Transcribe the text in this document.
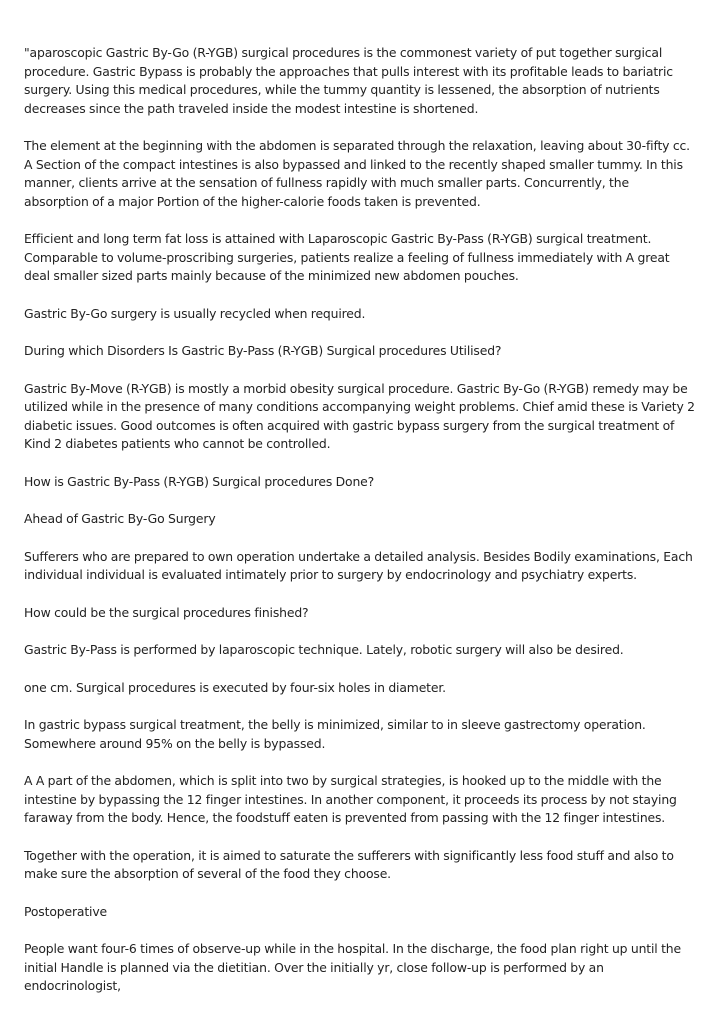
"aparoscopic Gastric By-Go (R-YGB) surgical procedures is the commonest variety of put together surgical procedure. Gastric Bypass is probably the approaches that pulls interest with its profitable leads to bariatric surgery. Using this medical procedures, while the tummy quantity is lessened, the absorption of nutrients decreases since the path traveled inside the modest intestine is shortened.

The element at the beginning with the abdomen is separated through the relaxation, leaving about 30-fifty cc. A Section of the compact intestines is also bypassed and linked to the recently shaped smaller tummy. In this manner, clients arrive at the sensation of fullness rapidly with much smaller parts. Concurrently, the absorption of a major Portion of the higher-calorie foods taken is prevented.

Efficient and long term fat loss is attained with Laparoscopic Gastric By-Pass (R-YGB) surgical treatment. Comparable to volume-proscribing surgeries, patients realize a feeling of fullness immediately with A great deal smaller sized parts mainly because of the minimized new abdomen pouches.

Gastric By-Go surgery is usually recycled when required.

During which Disorders Is Gastric By-Pass (R-YGB) Surgical procedures Utilised?

Gastric By-Move (R-YGB) is mostly a morbid obesity surgical procedure. Gastric By-Go (R-YGB) remedy may be utilized while in the presence of many conditions accompanying weight problems. Chief amid these is Variety 2 diabetic issues. Good outcomes is often acquired with gastric bypass surgery from the surgical treatment of Kind 2 diabetes patients who cannot be controlled.

How is Gastric By-Pass (R-YGB) Surgical procedures Done?

Ahead of Gastric By-Go Surgery

Sufferers who are prepared to own operation undertake a detailed analysis. Besides Bodily examinations, Each individual individual is evaluated intimately prior to surgery by endocrinology and psychiatry experts.

How could be the surgical procedures finished?

Gastric By-Pass is performed by laparoscopic technique. Lately, robotic surgery will also be desired.

one cm. Surgical procedures is executed by four-six holes in diameter.

In gastric bypass surgical treatment, the belly is minimized, similar to in sleeve gastrectomy operation. Somewhere around 95% on the belly is bypassed.

A A part of the abdomen, which is split into two by surgical strategies, is hooked up to the middle with the intestine by bypassing the 12 finger intestines. In another component, it proceeds its process by not staying faraway from the body. Hence, the foodstuff eaten is prevented from passing with the 12 finger intestines.

Together with the operation, it is aimed to saturate the sufferers with significantly less food stuff and also to make sure the absorption of several of the food they choose.

Postoperative

People want four-6 times of observe-up while in the hospital. In the discharge, the food plan right up until the initial Handle is planned via the dietitian. Over the initially yr, close follow-up is performed by an endocrinologist,
